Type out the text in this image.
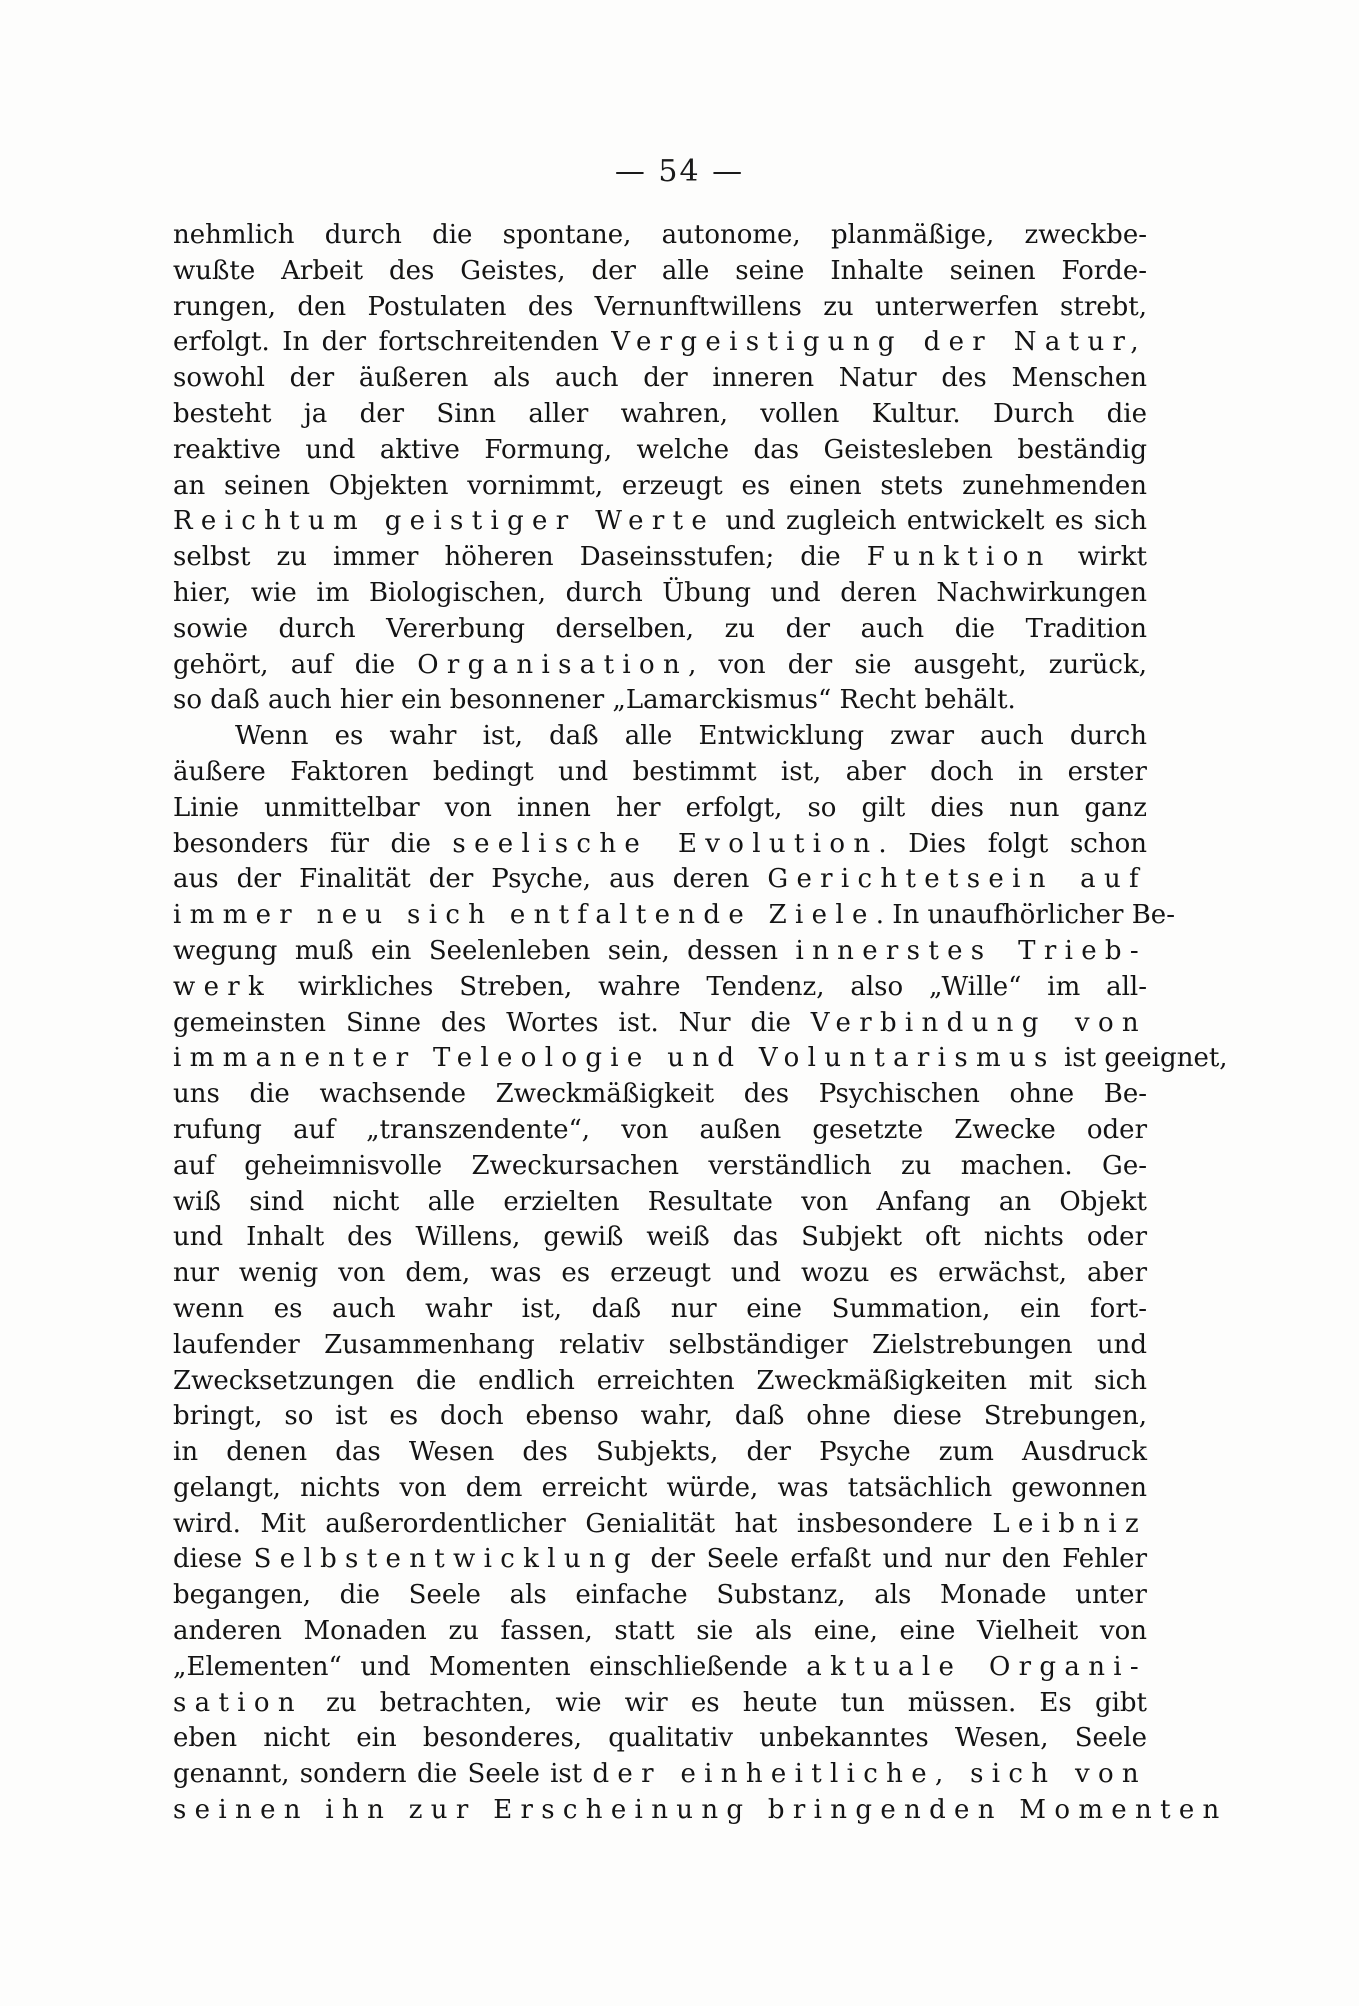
— 54 —
nehmlich durch die spontane, autonome, planmäßige, zweckbe-
wußte Arbeit des Geistes, der alle seine Inhalte seinen Forde-
rungen, den Postulaten des Vernunftwillens zu unterwerfen strebt,
erfolgt. In der fortschreitenden Vergeistigung der Natur,
sowohl der äußeren als auch der inneren Natur des Menschen
besteht ja der Sinn aller wahren, vollen Kultur. Durch die
reaktive und aktive Formung, welche das Geistesleben beständig
an seinen Objekten vornimmt, erzeugt es einen stets zunehmenden
Reichtum geistiger Werte und zugleich entwickelt es sich
selbst zu immer höheren Daseinsstufen; die Funktion wirkt
hier, wie im Biologischen, durch Übung und deren Nachwirkungen
sowie durch Vererbung derselben, zu der auch die Tradition
gehört, auf die Organisation, von der sie ausgeht, zurück,
so daß auch hier ein besonnener „Lamarckismus“ Recht behält.
Wenn es wahr ist, daß alle Entwicklung zwar auch durch
äußere Faktoren bedingt und bestimmt ist, aber doch in erster
Linie unmittelbar von innen her erfolgt, so gilt dies nun ganz
besonders für die seelische Evolution. Dies folgt schon
aus der Finalität der Psyche, aus deren Gerichtetsein auf
immer neu sich entfaltende Ziele. In unaufhörlicher Be-
wegung muß ein Seelenleben sein, dessen innerstes Trieb-
werk wirkliches Streben, wahre Tendenz, also „Wille“ im all-
gemeinsten Sinne des Wortes ist. Nur die Verbindung von
immanenter Teleologie und Voluntarismus ist geeignet,
uns die wachsende Zweckmäßigkeit des Psychischen ohne Be-
rufung auf „transzendente“, von außen gesetzte Zwecke oder
auf geheimnisvolle Zweckursachen verständlich zu machen. Ge-
wiß sind nicht alle erzielten Resultate von Anfang an Objekt
und Inhalt des Willens, gewiß weiß das Subjekt oft nichts oder
nur wenig von dem, was es erzeugt und wozu es erwächst, aber
wenn es auch wahr ist, daß nur eine Summation, ein fort-
laufender Zusammenhang relativ selbständiger Zielstrebungen und
Zwecksetzungen die endlich erreichten Zweckmäßigkeiten mit sich
bringt, so ist es doch ebenso wahr, daß ohne diese Strebungen,
in denen das Wesen des Subjekts, der Psyche zum Ausdruck
gelangt, nichts von dem erreicht würde, was tatsächlich gewonnen
wird. Mit außerordentlicher Genialität hat insbesondere Leibniz
diese Selbstentwicklung der Seele erfaßt und nur den Fehler
begangen, die Seele als einfache Substanz, als Monade unter
anderen Monaden zu fassen, statt sie als eine, eine Vielheit von
„Elementen“ und Momenten einschließende aktuale Organi-
sation zu betrachten, wie wir es heute tun müssen. Es gibt
eben nicht ein besonderes, qualitativ unbekanntes Wesen, Seele
genannt, sondern die Seele ist der einheitliche, sich von
seinen ihn zur Erscheinung bringenden Momenten
